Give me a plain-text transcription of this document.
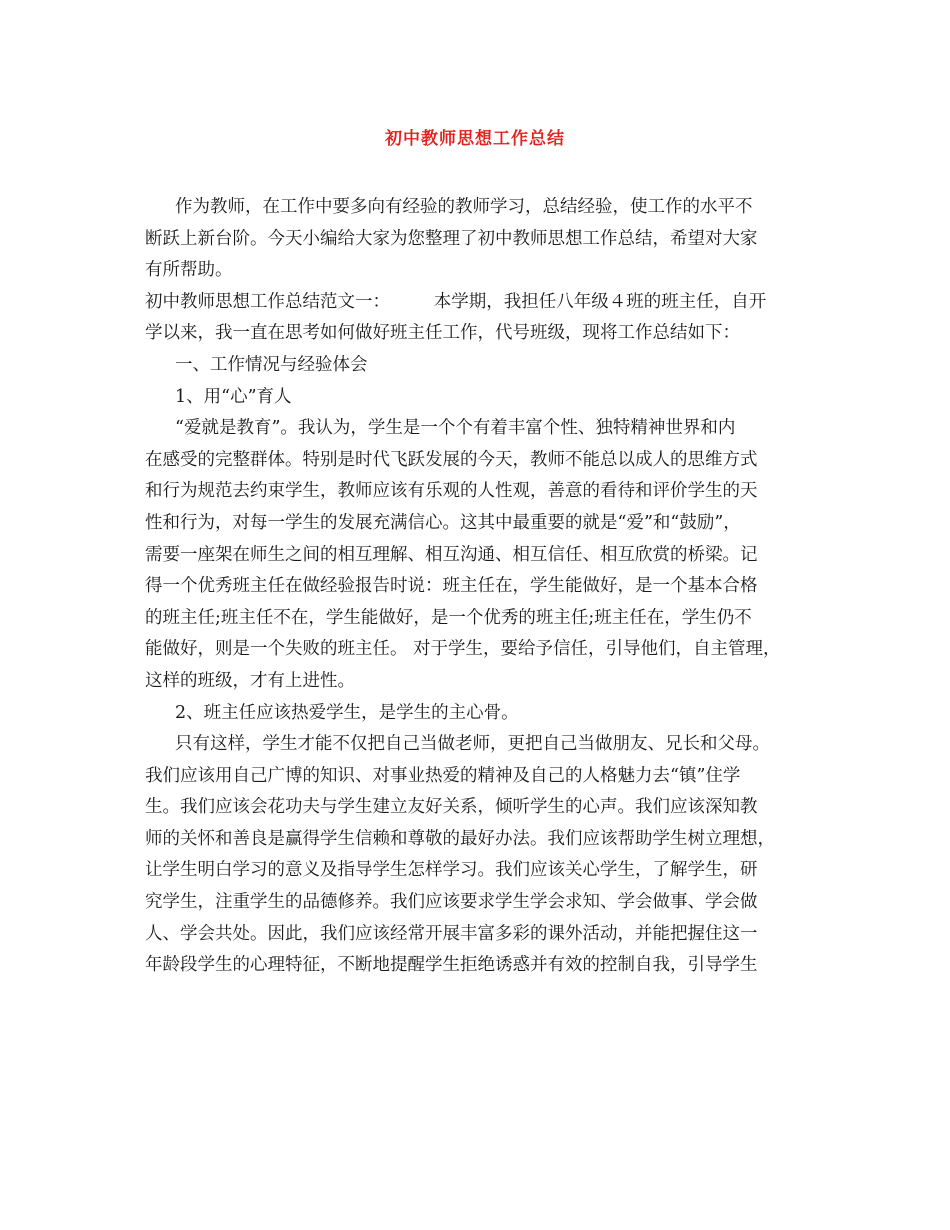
初中教师思想工作总结
作为教师，在工作中要多向有经验的教师学习，总结经验，使工作的水平不
断跃上新台阶。今天小编给大家为您整理了初中教师思想工作总结，希望对大家
有所帮助。
初中教师思想工作总结范文一：　　　本学期，我担任八年级４班的班主任，自开
学以来，我一直在思考如何做好班主任工作，代号班级，现将工作总结如下：
一、工作情况与经验体会
1、用“心”育人
“爱就是教育”。我认为，学生是一个个有着丰富个性、独特精神世界和内
在感受的完整群体。特别是时代飞跃发展的今天，教师不能总以成人的思维方式
和行为规范去约束学生，教师应该有乐观的人性观，善意的看待和评价学生的天
性和行为，对每一学生的发展充满信心。这其中最重要的就是“爱”和“鼓励”，
需要一座架在师生之间的相互理解、相互沟通、相互信任、相互欣赏的桥梁。记
得一个优秀班主任在做经验报告时说：班主任在，学生能做好，是一个基本合格
的班主任;班主任不在，学生能做好，是一个优秀的班主任;班主任在，学生仍不
能做好，则是一个失败的班主任。 对于学生，要给予信任，引导他们，自主管理，
这样的班级，才有上进性。
2、班主任应该热爱学生，是学生的主心骨。
只有这样，学生才能不仅把自己当做老师，更把自己当做朋友、兄长和父母。
我们应该用自己广博的知识、对事业热爱的精神及自己的人格魅力去“镇”住学
生。我们应该会花功夫与学生建立友好关系，倾听学生的心声。我们应该深知教
师的关怀和善良是赢得学生信赖和尊敬的最好办法。我们应该帮助学生树立理想，
让学生明白学习的意义及指导学生怎样学习。我们应该关心学生，了解学生，研
究学生，注重学生的品德修养。我们应该要求学生学会求知、学会做事、学会做
人、学会共处。因此，我们应该经常开展丰富多彩的课外活动，并能把握住这一
年龄段学生的心理特征，不断地提醒学生拒绝诱惑并有效的控制自我，引导学生
